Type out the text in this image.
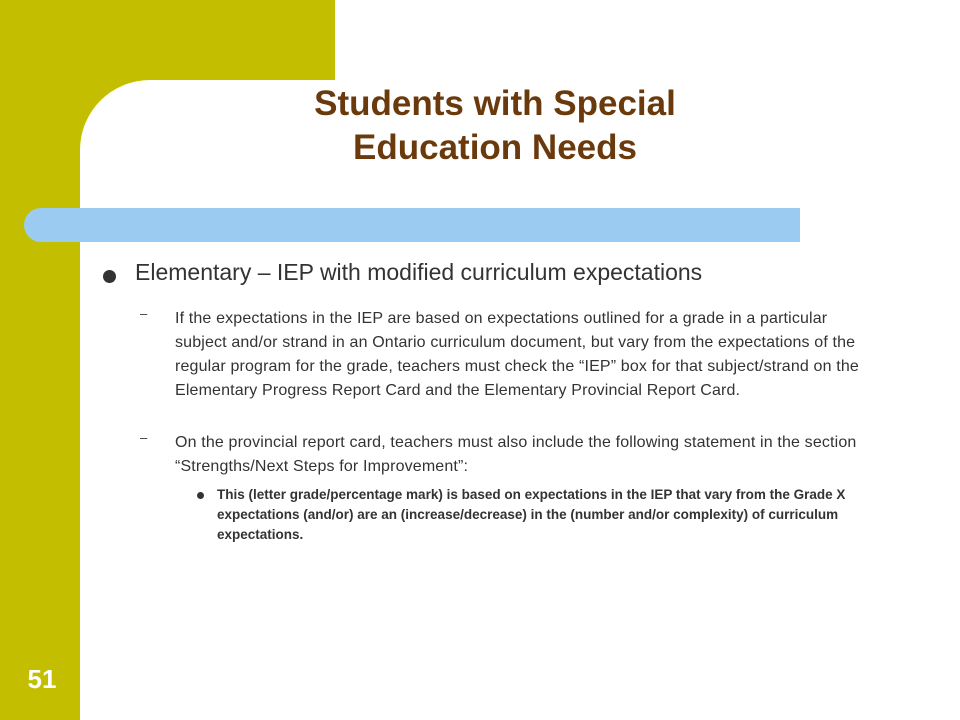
51
Students with Special
Education Needs
Elementary – IEP with modified curriculum expectations
– If the expectations in the IEP are based on expectations outlined for a grade in a particular subject and/or strand in an Ontario curriculum document, but vary from the expectations of the regular program for the grade, teachers must check the “IEP” box for that subject/strand on the Elementary Progress Report Card and the Elementary Provincial Report Card.
– On the provincial report card, teachers must also include the following statement in the section “Strengths/Next Steps for Improvement”:
This (letter grade/percentage mark) is based on expectations in the IEP that vary from the Grade X expectations (and/or) are an (increase/decrease) in the (number and/or complexity) of curriculum expectations.
